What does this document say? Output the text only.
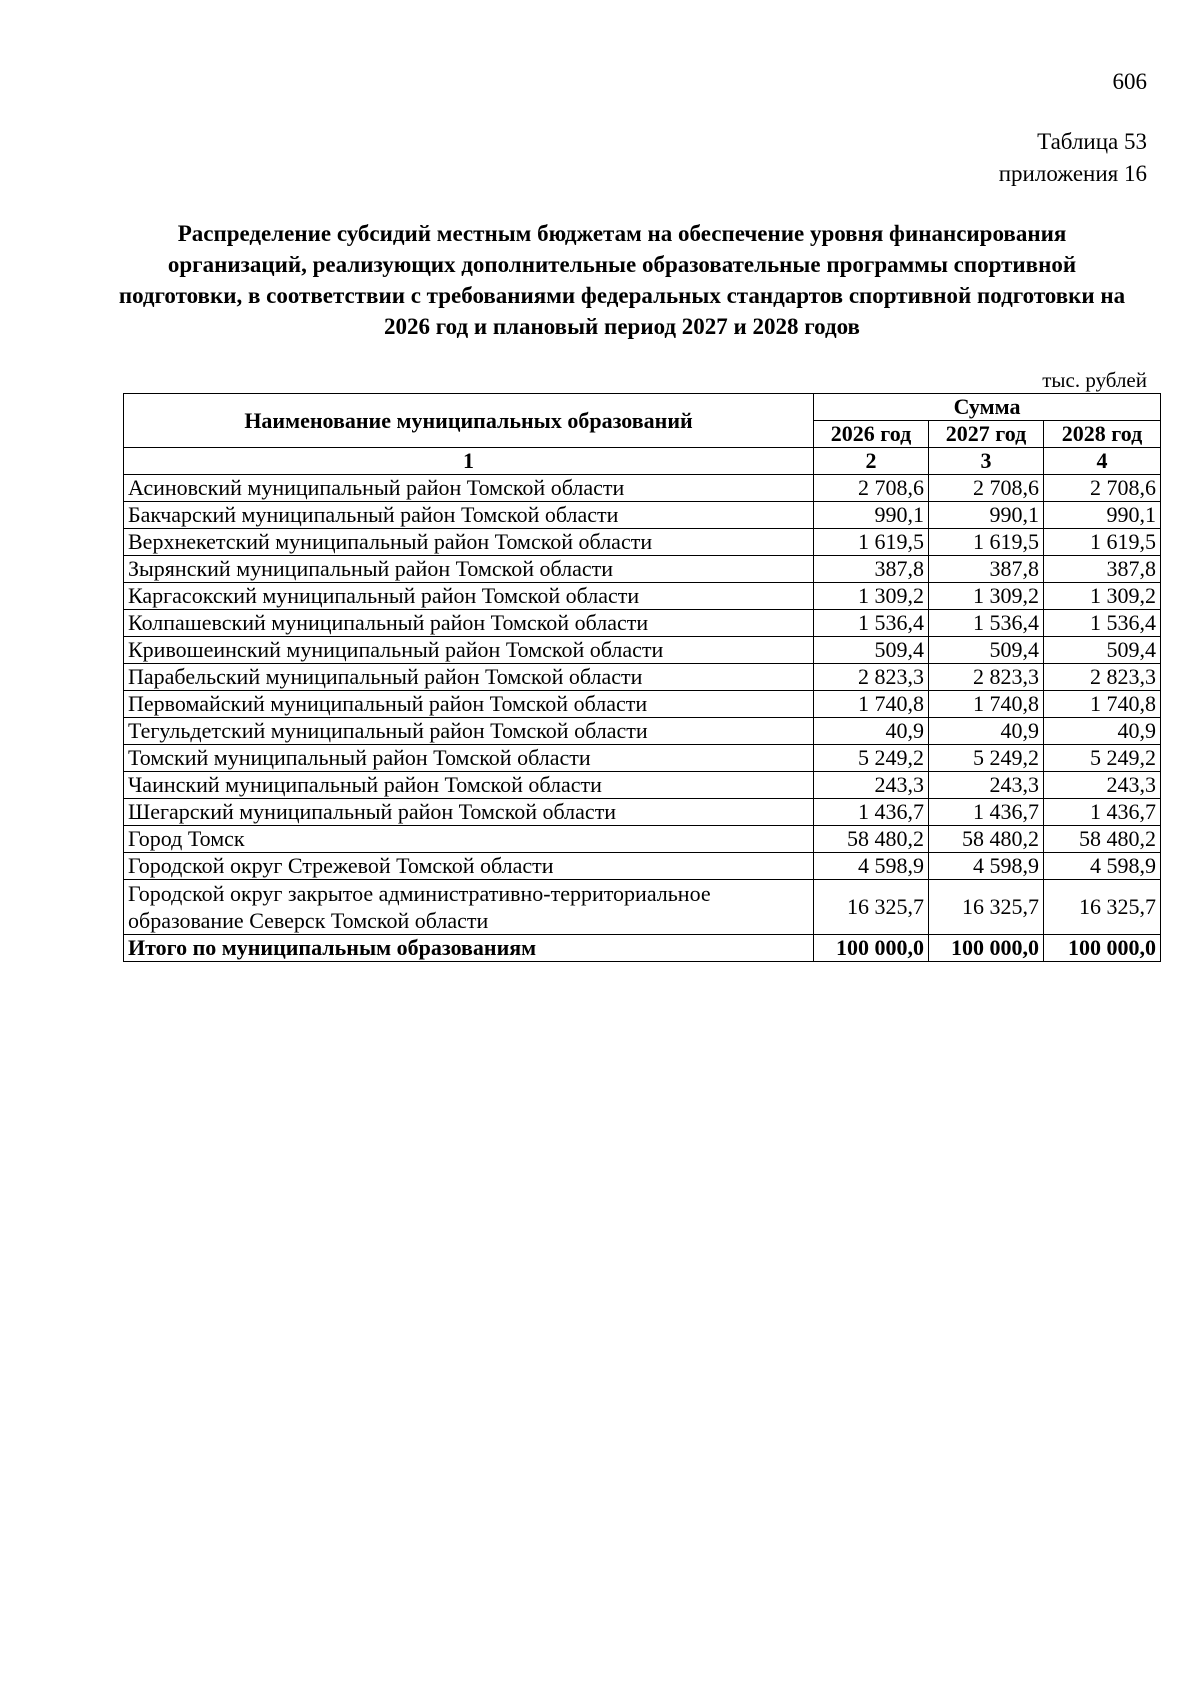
606
Таблица 53
приложения 16
Распределение субсидий местным бюджетам на обеспечение уровня финансирования организаций, реализующих дополнительные образовательные программы спортивной подготовки, в соответствии с требованиями федеральных стандартов спортивной подготовки на 2026 год и плановый период 2027 и 2028 годов
тыс. рублей
Наименование муниципальных образований	Сумма		
	2026 год	2027 год	2028 год
1	2	3	4
Асиновский муниципальный район Томской области	2 708,6	2 708,6	2 708,6
Бакчарский муниципальный район Томской области	990,1	990,1	990,1
Верхнекетский муниципальный район Томской области	1 619,5	1 619,5	1 619,5
Зырянский муниципальный район Томской области	387,8	387,8	387,8
Каргасокский муниципальный район Томской области	1 309,2	1 309,2	1 309,2
Колпашевский муниципальный район Томской области	1 536,4	1 536,4	1 536,4
Кривошеинский муниципальный район Томской области	509,4	509,4	509,4
Парабельский муниципальный район Томской области	2 823,3	2 823,3	2 823,3
Первомайский муниципальный район Томской области	1 740,8	1 740,8	1 740,8
Тегульдетский муниципальный район Томской области	40,9	40,9	40,9
Томский муниципальный район Томской области	5 249,2	5 249,2	5 249,2
Чаинский муниципальный район Томской области	243,3	243,3	243,3
Шегарский муниципальный район Томской области	1 436,7	1 436,7	1 436,7
Город Томск	58 480,2	58 480,2	58 480,2
Городской округ Стрежевой Томской области	4 598,9	4 598,9	4 598,9
Городской округ закрытое административно-территориальное образование Северск Томской области	16 325,7	16 325,7	16 325,7
Итого по муниципальным образованиям	100 000,0	100 000,0	100 000,0
